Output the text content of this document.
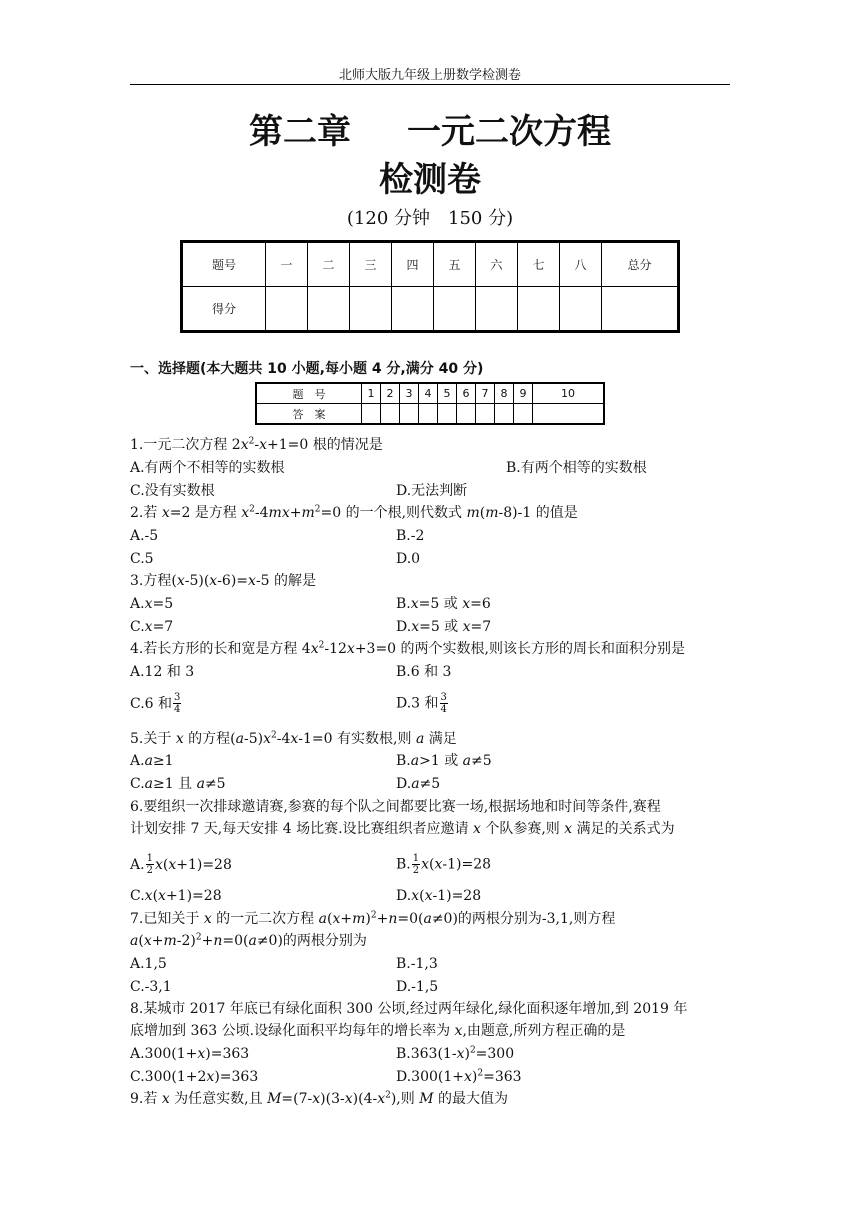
北师大版九年级上册数学检测卷
第二章 一元二次方程
检测卷
(120 分钟　150 分)
题号	一	二	三	四	五	六	七	八	总分
得分									
一、选择题(本大题共 10 小题,每小题 4 分,满分 40 分)
题　号	1	2	3	4	5	6	7	8	9	10
答　案										
1.一元二次方程 $2x^2-x+1=0$ 根的情况是
A.有两个不相等的实数根	B.有两个相等的实数根
C.没有实数根	D.无法判断
2.若 x=2 是方程 $x^2-4mx+m^2=0$ 的一个根,则代数式 m(m-8)-1 的值是
A.-5	B.-2
C.5	D.0
3.方程(x-5)(x-6)=x-5 的解是
A.x=5	B.x=5 或 x=6
C.x=7	D.x=5 或 x=7
4.若长方形的长和宽是方程 $4x^2-12x+3=0$ 的两个实数根,则该长方形的周长和面积分别是
A.12 和 3	B.6 和 3
C.6 和 $\frac{3}{4}$	D.3 和 $\frac{3}{4}$
5.关于 x 的方程$(a-5)x^2-4x-1=0$ 有实数根,则 a 满足
A.a≥1	B.a>1 或 a≠5
C.a≥1 且 a≠5	D.a≠5
6.要组织一次排球邀请赛,参赛的每个队之间都要比赛一场,根据场地和时间等条件,赛程
计划安排 7 天,每天安排 4 场比赛.设比赛组织者应邀请 x 个队参赛,则 x 满足的关系式为
A. $\frac{1}{2} x(x+1)=28$	B. $\frac{1}{2} x(x-1)=28$
C.x(x+1)=28	D.x(x-1)=28
7.已知关于 x 的一元二次方程 $a(x+m)^2+n=0(a\ne 0)$的两根分别为-3,1,则方程
$a(x+m-2)^2+n=0(a\ne 0)$的两根分别为
A.1,5	B.-1,3
C.-3,1	D.-1,5
8.某城市 2017 年底已有绿化面积 300 公顷,经过两年绿化,绿化面积逐年增加,到 2019 年
底增加到 363 公顷.设绿化面积平均每年的增长率为 x,由题意,所列方程正确的是
A.300(1+x)=363	$B.363(1-x)^2=300$
C.300(1+2x)=363	$D.300(1+x)^2=363$
9.若 x 为任意实数,且 $M=(7-x)(3-x)(4-x^2)$,则 M 的最大值为
